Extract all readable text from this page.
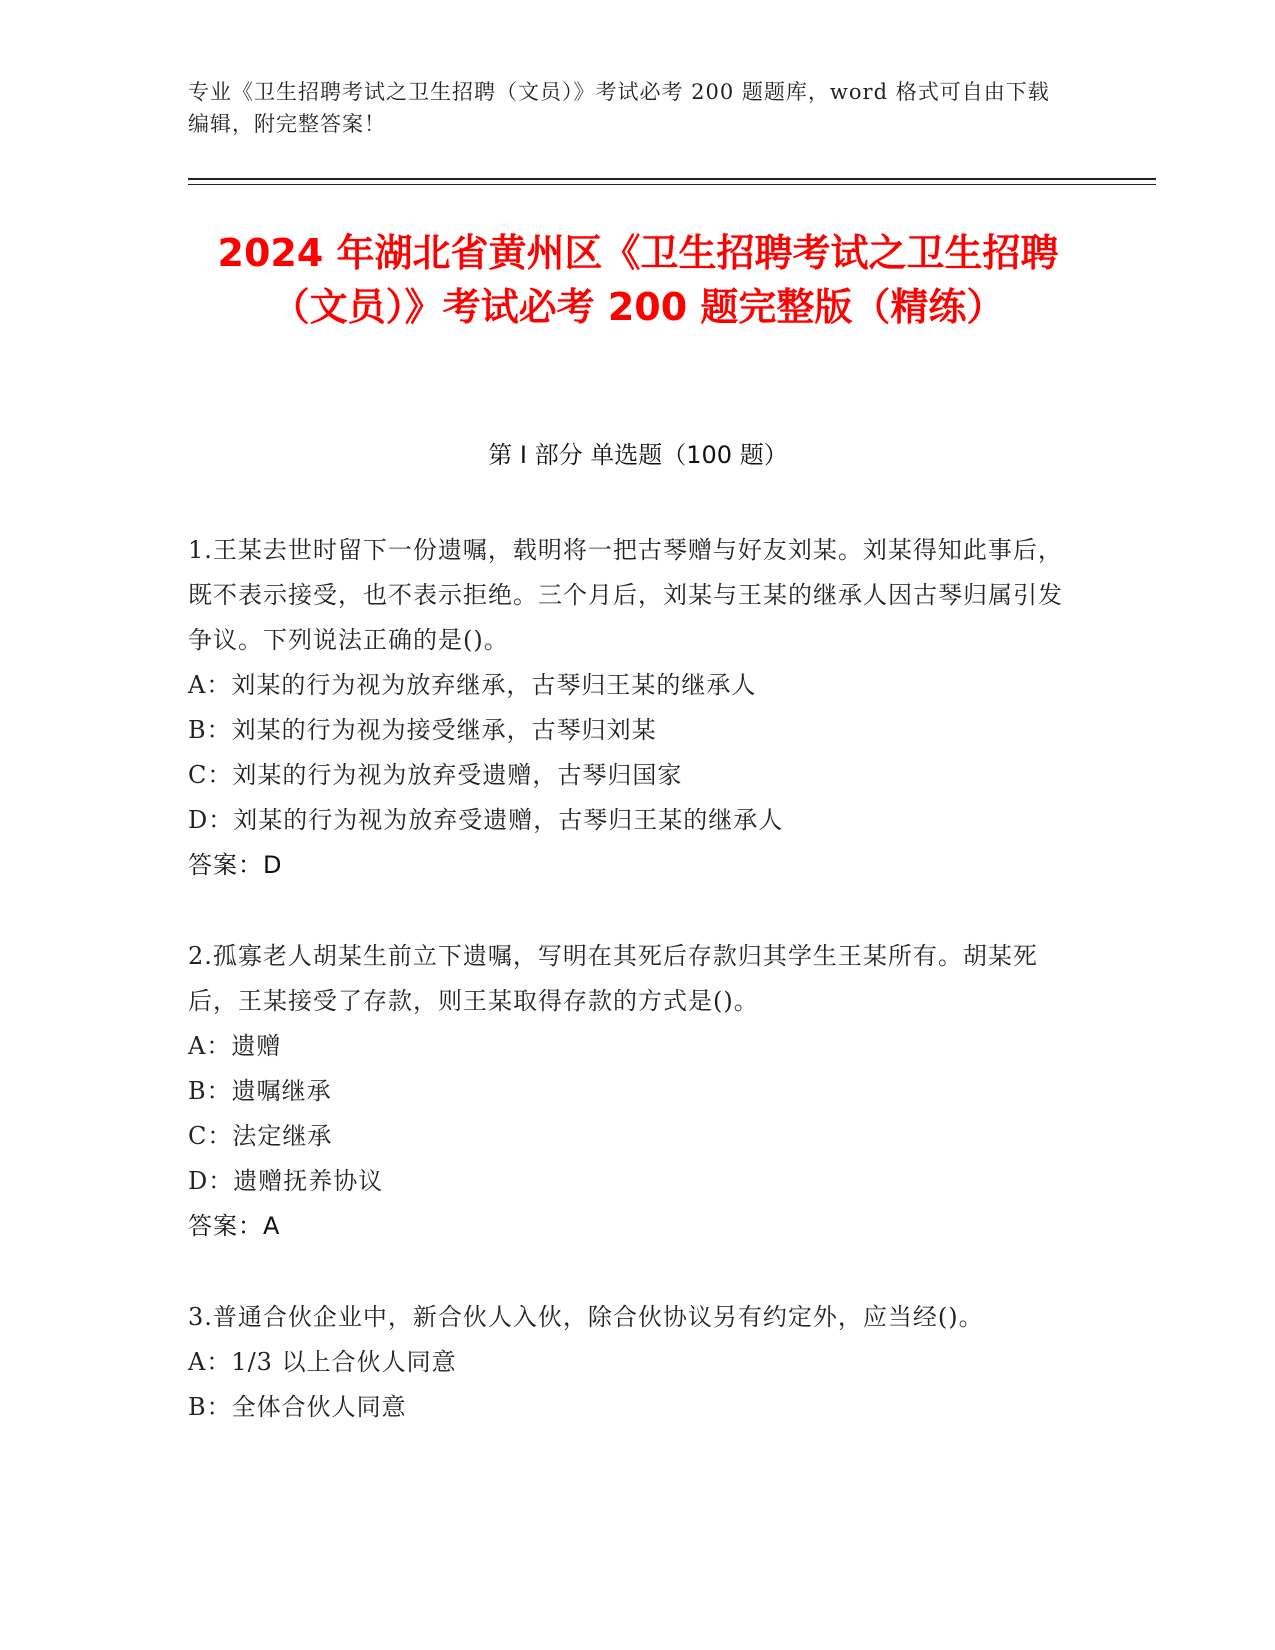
专业《卫生招聘考试之卫生招聘（文员）》考试必考 200 题题库，word 格式可自由下载编辑，附完整答案！
2024 年湖北省黄州区《卫生招聘考试之卫生招聘（文员）》考试必考 200 题完整版（精练）
第 I 部分 单选题（100 题）
1.王某去世时留下一份遗嘱，载明将一把古琴赠与好友刘某。刘某得知此事后，既不表示接受，也不表示拒绝。三个月后，刘某与王某的继承人因古琴归属引发争议。下列说法正确的是()。
A：刘某的行为视为放弃继承，古琴归王某的继承人
B：刘某的行为视为接受继承，古琴归刘某
C：刘某的行为视为放弃受遗赠，古琴归国家
D：刘某的行为视为放弃受遗赠，古琴归王某的继承人
答案：D
2.孤寡老人胡某生前立下遗嘱，写明在其死后存款归其学生王某所有。胡某死后，王某接受了存款，则王某取得存款的方式是()。
A：遗赠
B：遗嘱继承
C：法定继承
D：遗赠抚养协议
答案：A
3.普通合伙企业中，新合伙人入伙，除合伙协议另有约定外，应当经()。
A：1/3 以上合伙人同意
B：全体合伙人同意
